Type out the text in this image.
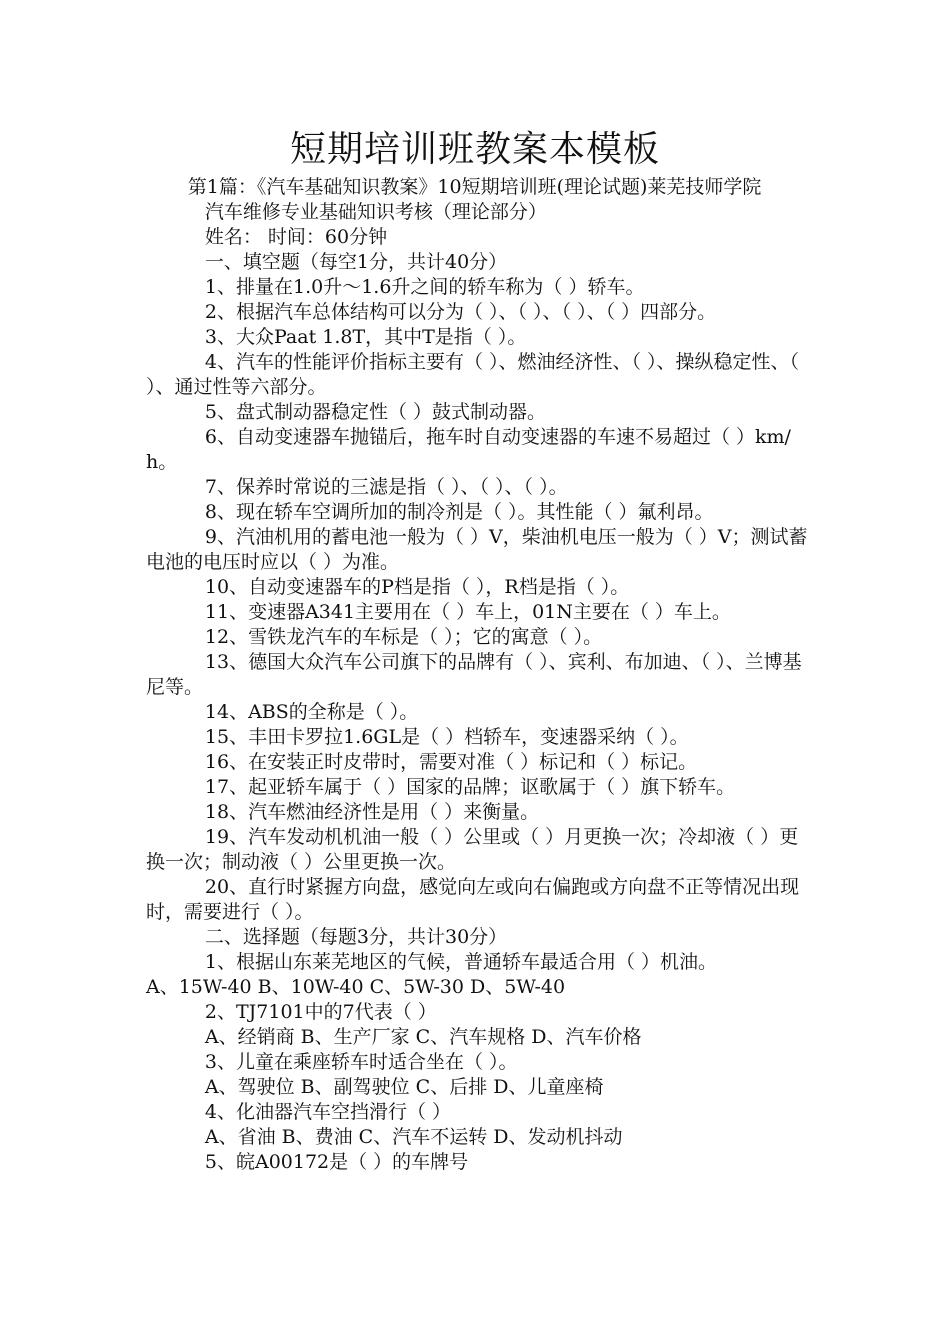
短期培训班教案本模板

第1篇：《汽车基础知识教案》10短期培训班(理论试题)莱芜技师学院

汽车维修专业基础知识考核（理论部分）

姓名： 时间：60分钟

一、填空题（每空1分，共计40分）

1、排量在1.0升～1.6升之间的轿车称为（ ）轿车。

2、根据汽车总体结构可以分为（ ）、（ ）、（ ）、（ ）四部分。

3、大众Paat 1.8T，其中T是指（ ）。

4、汽车的性能评价指标主要有（ ）、燃油经济性、（ ）、操纵稳定性、（ ）、通过性等六部分。

5、盘式制动器稳定性（ ）鼓式制动器。

6、自动变速器车抛锚后，拖车时自动变速器的车速不易超过（ ）km/h。

7、保养时常说的三滤是指（ ）、（ ）、（ ）。

8、现在轿车空调所加的制冷剂是（ ）。其性能（ ）氟利昂。

9、汽油机用的蓄电池一般为（ ）V，柴油机电压一般为（ ）V；测试蓄电池的电压时应以（ ）为准。

10、自动变速器车的P档是指（ ），R档是指（ ）。

11、变速器A341主要用在（ ）车上，01N主要在（ ）车上。

12、雪铁龙汽车的车标是（ ）；它的寓意（ ）。

13、德国大众汽车公司旗下的品牌有（ ）、宾利、布加迪、（ ）、兰博基尼等。

14、ABS的全称是（ ）。

15、丰田卡罗拉1.6GL是（ ）档轿车，变速器采纳（ ）。

16、在安装正时皮带时，需要对准（ ）标记和（ ）标记。

17、起亚轿车属于（ ）国家的品牌；讴歌属于（ ）旗下轿车。

18、汽车燃油经济性是用（ ）来衡量。

19、汽车发动机机油一般（ ）公里或（ ）月更换一次；冷却液（ ）更换一次；制动液（ ）公里更换一次。

20、直行时紧握方向盘，感觉向左或向右偏跑或方向盘不正等情况出现时，需要进行（ ）。

二、选择题（每题3分，共计30分）

1、根据山东莱芜地区的气候，普通轿车最适合用（ ）机油。

A、15W-40 B、10W-40 C、5W-30 D、5W-40

2、TJ7101中的7代表（ ）

A、经销商 B、生产厂家 C、汽车规格 D、汽车价格

3、儿童在乘座轿车时适合坐在（ ）。

A、驾驶位 B、副驾驶位 C、后排 D、儿童座椅

4、化油器汽车空挡滑行（ ）

A、省油 B、费油 C、汽车不运转 D、发动机抖动

5、皖A00172是（ ）的车牌号
